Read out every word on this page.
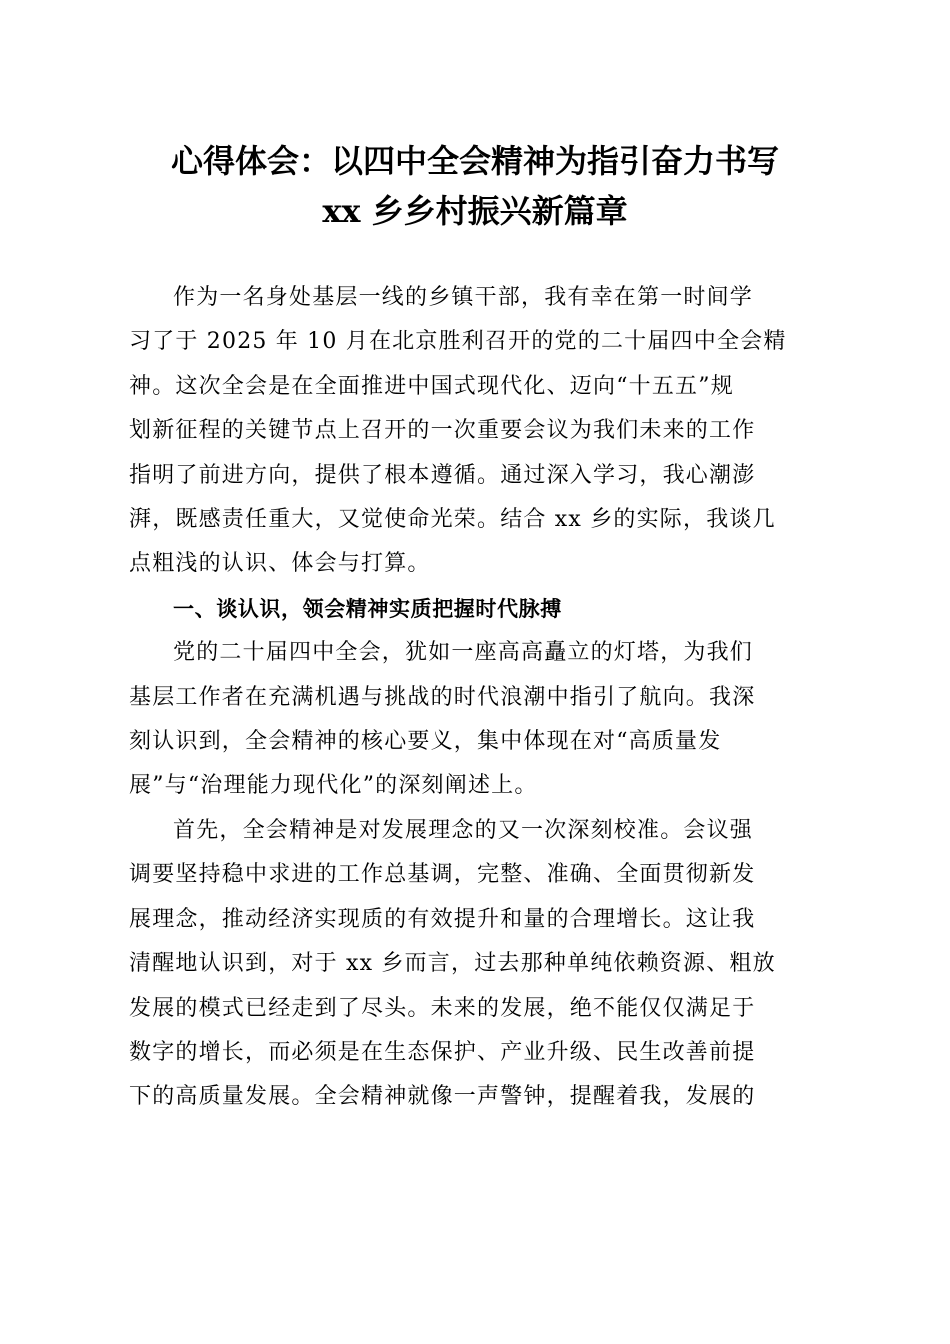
心得体会：以四中全会精神为指引奋力书写
xx 乡乡村振兴新篇章

作为一名身处基层一线的乡镇干部，我有幸在第一时间学
习了于 2025 年 10 月在北京胜利召开的党的二十届四中全会精
神。这次全会是在全面推进中国式现代化、迈向“十五五”规
划新征程的关键节点上召开的一次重要会议为我们未来的工作
指明了前进方向，提供了根本遵循。通过深入学习，我心潮澎
湃，既感责任重大，又觉使命光荣。结合 xx 乡的实际，我谈几
点粗浅的认识、体会与打算。

一、谈认识，领会精神实质把握时代脉搏

党的二十届四中全会，犹如一座高高矗立的灯塔，为我们
基层工作者在充满机遇与挑战的时代浪潮中指引了航向。我深
刻认识到，全会精神的核心要义，集中体现在对“高质量发
展”与“治理能力现代化”的深刻阐述上。

首先，全会精神是对发展理念的又一次深刻校准。会议强
调要坚持稳中求进的工作总基调，完整、准确、全面贯彻新发
展理念，推动经济实现质的有效提升和量的合理增长。这让我
清醒地认识到，对于 xx 乡而言，过去那种单纯依赖资源、粗放
发展的模式已经走到了尽头。未来的发展，绝不能仅仅满足于
数字的增长，而必须是在生态保护、产业升级、民生改善前提
下的高质量发展。全会精神就像一声警钟，提醒着我，发展的
